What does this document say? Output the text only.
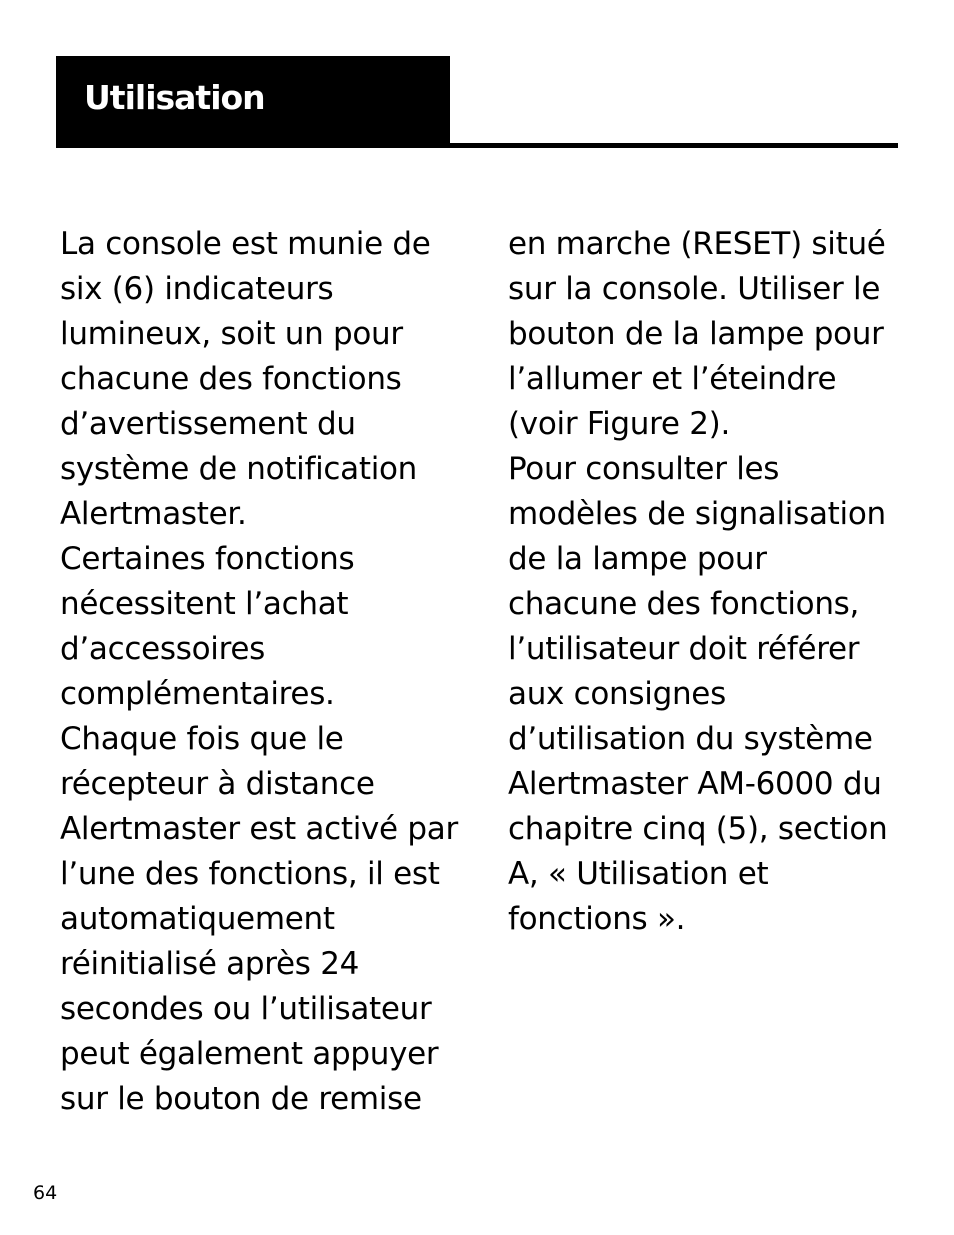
Utilisation
La console est munie de
six (6) indicateurs
lumineux, soit un pour
chacune des fonctions
d’avertissement du
système de notification
Alertmaster.
Certaines fonctions
nécessitent l’achat
d’accessoires
complémentaires.
Chaque fois que le
récepteur à distance
Alertmaster est activé par
l’une des fonctions, il est
automatiquement
réinitialisé après 24
secondes ou l’utilisateur
peut également appuyer
sur le bouton de remise
en marche (RESET) situé
sur la console. Utiliser le
bouton de la lampe pour
l’allumer et l’éteindre
(voir Figure 2).
Pour consulter les
modèles de signalisation
de la lampe pour
chacune des fonctions,
l’utilisateur doit référer
aux consignes
d’utilisation du système
Alertmaster AM-6000 du
chapitre cinq (5), section
A, « Utilisation et
fonctions ».
64
